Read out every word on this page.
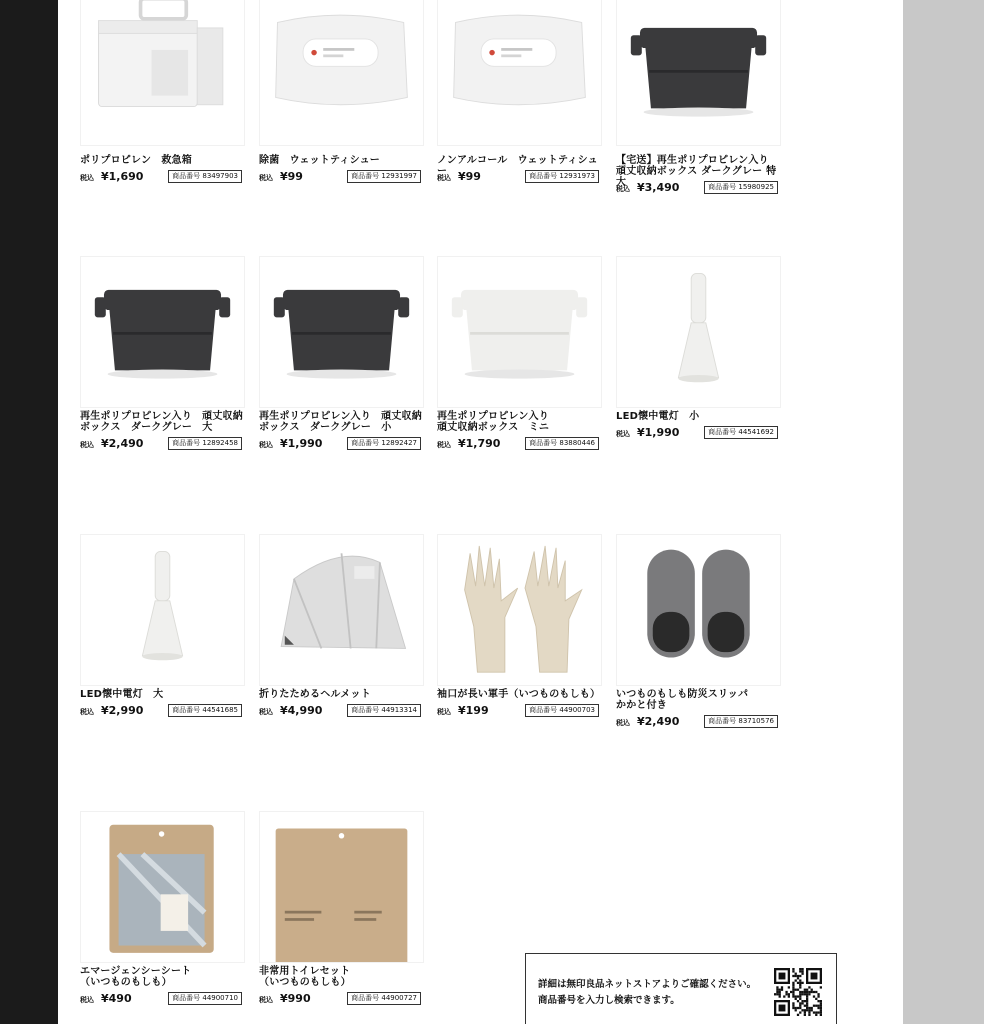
ポリプロピレン　救急箱
税込 ¥1,690	商品番号 83497903
除菌　ウェットティシュー
税込 ¥99	商品番号 12931997
ノンアルコール　ウェットティシュー
税込 ¥99	商品番号 12931973
【宅送】再生ポリプロピレン入り
頑丈収納ボックス ダークグレー 特大
税込 ¥3,490	商品番号 15980925
再生ポリプロピレン入り　頑丈収納
ボックス　ダークグレー　大
税込 ¥2,490	商品番号 12892458
再生ポリプロピレン入り　頑丈収納
ボックス　ダークグレー　小
税込 ¥1,990	商品番号 12892427
再生ポリプロピレン入り
頑丈収納ボックス　ミニ
税込 ¥1,790	商品番号 83880446
LED懐中電灯　小
税込 ¥1,990	商品番号 44541692
LED懐中電灯　大
税込 ¥2,990	商品番号 44541685
折りたためるヘルメット
税込 ¥4,990	商品番号 44913314
袖口が長い軍手（いつものもしも）
税込 ¥199	商品番号 44900703
いつものもしも防災スリッパ
かかと付き
税込 ¥2,490	商品番号 83710576
エマージェンシーシート
（いつものもしも）
税込 ¥490	商品番号 44900710
非常用トイレセット
（いつものもしも）
税込 ¥990	商品番号 44900727
詳細は無印良品ネットストアよりご確認ください。
商品番号を入力し検索できます。
